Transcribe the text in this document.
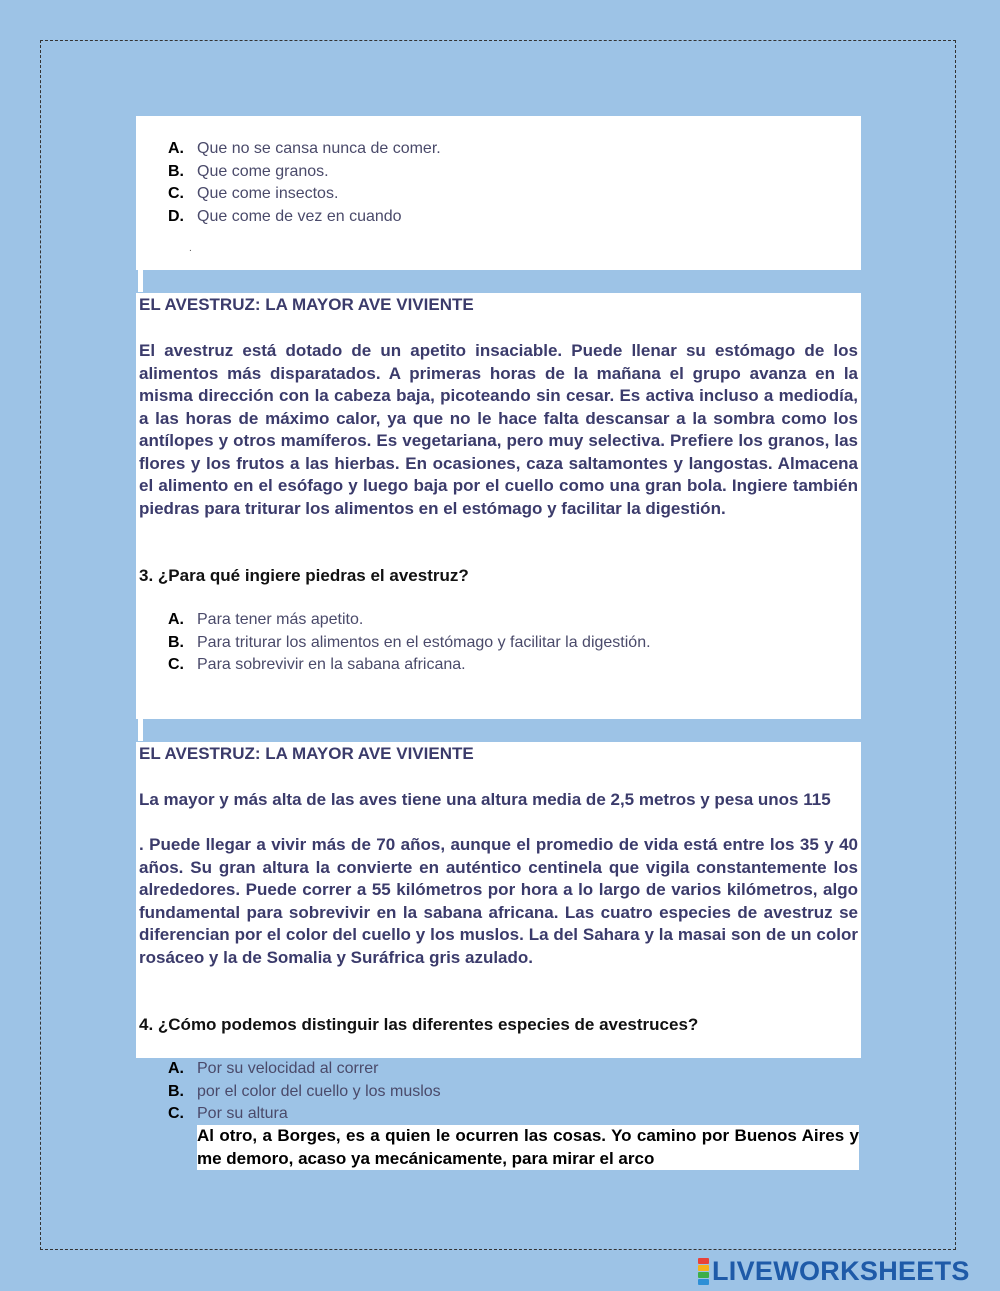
A. Que no se cansa nunca de comer.
B. Que come granos.
C. Que come insectos.
D. Que come de vez en cuando
.
EL AVESTRUZ: LA MAYOR AVE VIVIENTE

El avestruz está dotado de un apetito insaciable. Puede llenar su estómago de los alimentos más disparatados. A primeras horas de la mañana el grupo avanza en la misma dirección con la cabeza baja, picoteando sin cesar. Es activa incluso a mediodía, a las horas de máximo calor, ya que no le hace falta descansar a la sombra como los antílopes y otros mamíferos. Es vegetariana, pero muy selectiva. Prefiere los granos, las flores y los frutos a las hierbas. En ocasiones, caza saltamontes y langostas. Almacena el alimento en el esófago y luego baja por el cuello como una gran bola. Ingiere también piedras para triturar los alimentos en el estómago y facilitar la digestión.

3. ¿Para qué ingiere piedras el avestruz?
A. Para tener más apetito.
B. Para triturar los alimentos en el estómago y facilitar la digestión.
C. Para sobrevivir en la sabana africana.
EL AVESTRUZ: LA MAYOR AVE VIVIENTE

La mayor y más alta de las aves tiene una altura media de 2,5 metros y pesa unos 115

. Puede llegar a vivir más de 70 años, aunque el promedio de vida está entre los 35 y 40 años. Su gran altura la convierte en auténtico centinela que vigila constantemente los alrededores. Puede correr a 55 kilómetros por hora a lo largo de varios kilómetros, algo fundamental para sobrevivir en la sabana africana. Las cuatro especies de avestruz se diferencian por el color del cuello y los muslos. La del Sahara y la masai son de un color rosáceo y la de Somalia y Suráfrica gris azulado.

4. ¿Cómo podemos distinguir las diferentes especies de avestruces?
A. Por su velocidad al correr
B. por el color del cuello y los muslos
C. Por su altura

Al otro, a Borges, es a quien le ocurren las cosas. Yo camino por Buenos Aires y me demoro, acaso ya mecánicamente, para mirar el arco

LIVEWORKSHEETS
